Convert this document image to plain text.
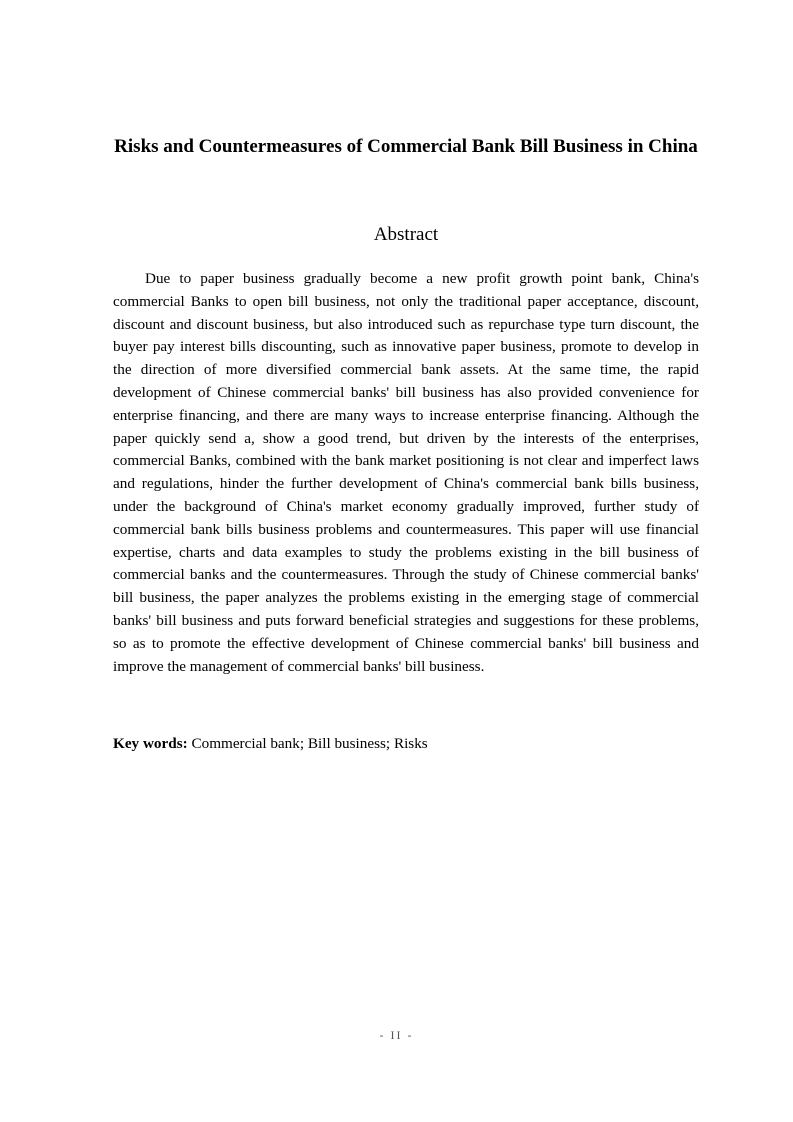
Risks and Countermeasures of Commercial Bank Bill Business in China
Abstract

Due to paper business gradually become a new profit growth point bank, China's commercial Banks to open bill business, not only the traditional paper acceptance, discount, discount and discount business, but also introduced such as repurchase type turn discount, the buyer pay interest bills discounting, such as innovative paper business, promote to develop in the direction of more diversified commercial bank assets. At the same time, the rapid development of Chinese commercial banks' bill business has also provided convenience for enterprise financing, and there are many ways to increase enterprise financing. Although the paper quickly send a, show a good trend, but driven by the interests of the enterprises, commercial Banks, combined with the bank market positioning is not clear and imperfect laws and regulations, hinder the further development of China's commercial bank bills business, under the background of China's market economy gradually improved, further study of commercial bank bills business problems and countermeasures. This paper will use financial expertise, charts and data examples to study the problems existing in the bill business of commercial banks and the countermeasures. Through the study of Chinese commercial banks' bill business, the paper analyzes the problems existing in the emerging stage of commercial banks' bill business and puts forward beneficial strategies and suggestions for these problems, so as to promote the effective development of Chinese commercial banks' bill business and improve the management of commercial banks' bill business.

Key words: Commercial bank; Bill business; Risks

- II -
